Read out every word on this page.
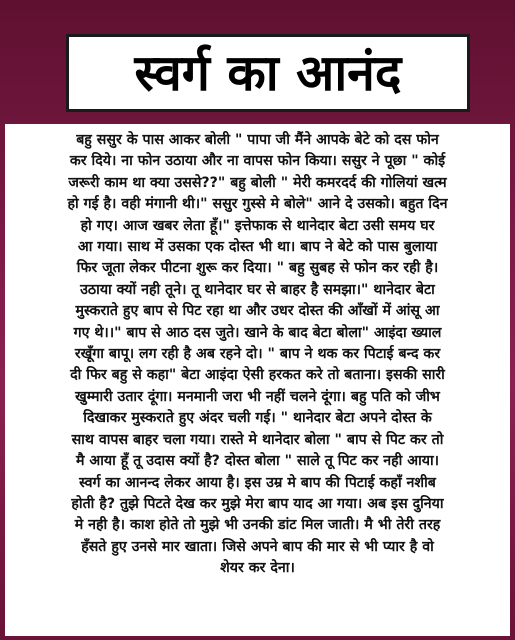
स्वर्ग का आनंद

बहु ससुर के पास आकर बोली " पापा जी मैंने आपके बेटे को दस फोन
कर दिये। ना फोन उठाया और ना वापस फोन किया। ससुर ने पूछा " कोई
जरूरी काम था क्या उससे??" बहु बोली " मेरी कमरदर्द की गोलियां खत्म
हो गई है। वही मंगानी थी।" ससुर गुस्से मे बोले" आने दे उसको। बहुत दिन
हो गए। आज खबर लेता हूँ।" इत्तेफाक से थानेदार बेटा उसी समय घर
आ गया। साथ में उसका एक दोस्त भी था। बाप ने बेटे को पास बुलाया
फिर जूता लेकर पीटना शुरू कर दिया। " बहु सुबह से फोन कर रही है।
उठाया क्यों नही तूने। तू थानेदार घर से बाहर है समझा।" थानेदार बेटा
मुस्कराते हुए बाप से पिट रहा था और उधर दोस्त की आँखों में आंसू आ
गए थे।।" बाप से आठ दस जुते। खाने के बाद बेटा बोला" आइंदा ख्याल
रखूँगा बापू। लग रही है अब रहने दो। " बाप ने थक कर पिटाई बन्द कर
दी फिर बहु से कहा" बेटा आइंदा ऐसी हरकत करे तो बताना। इसकी सारी
खुम्मारी उतार दूंगा। मनमानी जरा भी नहीं चलने दूंगा। बहु पति को जीभ
दिखाकर मुस्कराते हुए अंदर चली गई। " थानेदार बेटा अपने दोस्त के
साथ वापस बाहर चला गया। रास्ते मे थानेदार बोला " बाप से पिट कर तो
मै आया हूँ तू उदास क्यों है? दोस्त बोला " साले तू पिट कर नही आया।
स्वर्ग का आनन्द लेकर आया है। इस उम्र मे बाप की पिटाई कहाँ नशीब
होती है? तुझे पिटते देख कर मुझे मेरा बाप याद आ गया। अब इस दुनिया
मे नही है। काश होते तो मुझे भी उनकी डांट मिल जाती। मै भी तेरी तरह
हँसते हुए उनसे मार खाता। जिसे अपने बाप की मार से भी प्यार है वो
शेयर कर देना।
